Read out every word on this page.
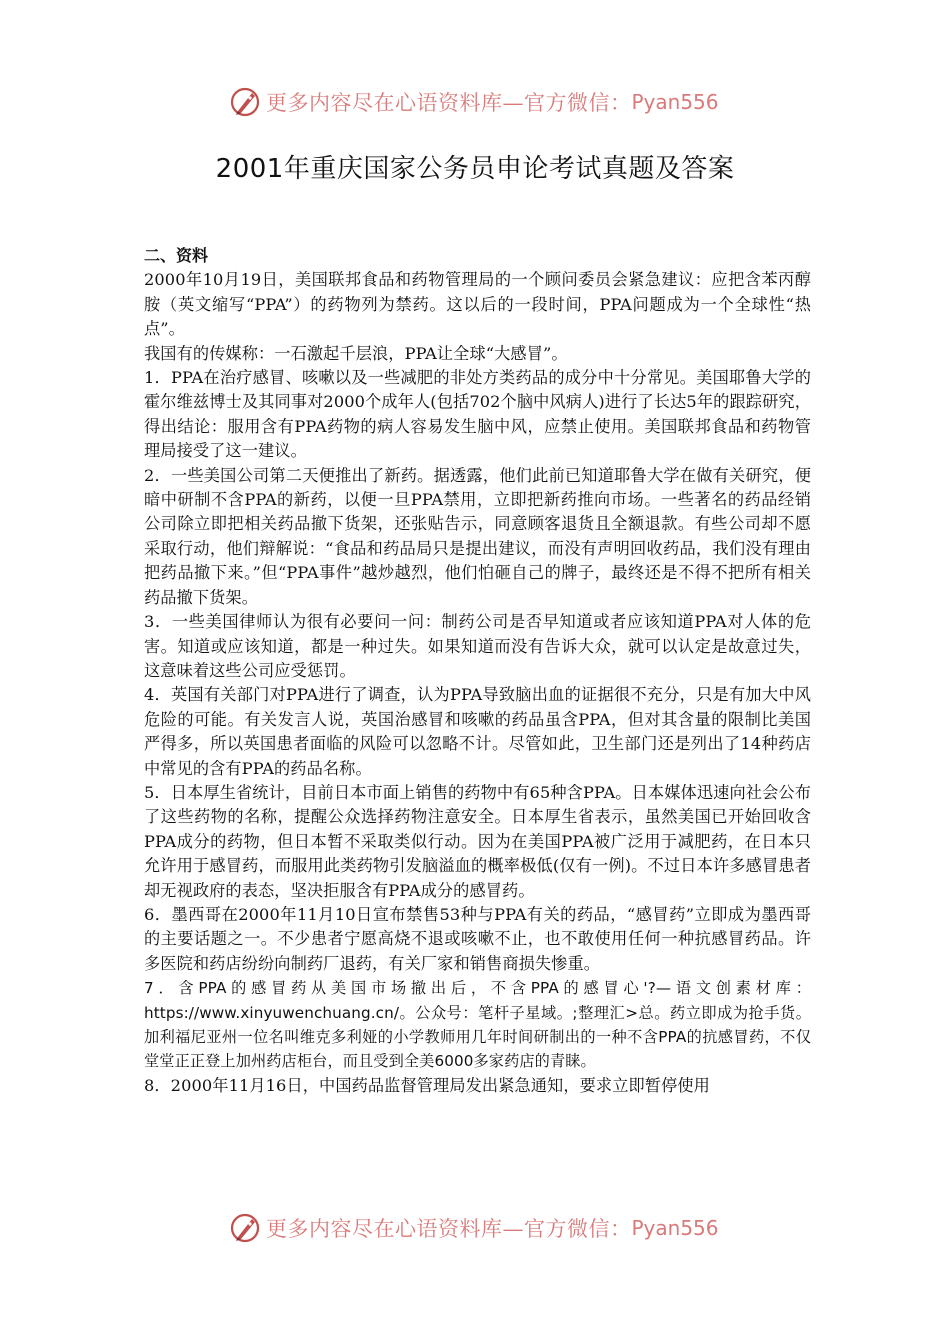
更多内容尽在心语资料库—官方微信： Pyan556
2001年重庆国家公务员申论考试真题及答案

二、资料

2000年10月19日，美国联邦食品和药物管理局的一个顾问委员会紧急建议：应把含苯丙醇胺（英文缩写“PPA”）的药物列为禁药。这以后的一段时间，PPA问题成为一个全球性“热点”。

我国有的传媒称：一石激起千层浪，PPA让全球“大感冒”。

1．PPA在治疗感冒、咳嗽以及一些减肥的非处方类药品的成分中十分常见。美国耶鲁大学的霍尔维兹博士及其同事对2000个成年人(包括702个脑中风病人)进行了长达5年的跟踪研究，得出结论：服用含有PPA药物的病人容易发生脑中风，应禁止使用。美国联邦食品和药物管理局接受了这一建议。

2．一些美国公司第二天便推出了新药。据透露，他们此前已知道耶鲁大学在做有关研究，便暗中研制不含PPA的新药，以便一旦PPA禁用，立即把新药推向市场。一些著名的药品经销公司除立即把相关药品撤下货架，还张贴告示，同意顾客退货且全额退款。有些公司却不愿采取行动，他们辩解说：“食品和药品局只是提出建议，而没有声明回收药品，我们没有理由把药品撤下来。”但“PPA事件”越炒越烈，他们怕砸自己的牌子，最终还是不得不把所有相关药品撤下货架。

3．一些美国律师认为很有必要问一问：制药公司是否早知道或者应该知道PPA对人体的危害。知道或应该知道，都是一种过失。如果知道而没有告诉大众，就可以认定是故意过失，这意味着这些公司应受惩罚。

4．英国有关部门对PPA进行了调查，认为PPA导致脑出血的证据很不充分，只是有加大中风危险的可能。有关发言人说，英国治感冒和咳嗽的药品虽含PPA，但对其含量的限制比美国严得多，所以英国患者面临的风险可以忽略不计。尽管如此，卫生部门还是列出了14种药店中常见的含有PPA的药品名称。

5．日本厚生省统计，目前日本市面上销售的药物中有65种含PPA。日本媒体迅速向社会公布了这些药物的名称，提醒公众选择药物注意安全。日本厚生省表示，虽然美国已开始回收含PPA成分的药物，但日本暂不采取类似行动。因为在美国PPA被广泛用于减肥药，在日本只允许用于感冒药，而服用此类药物引发脑溢血的概率极低(仅有一例)。不过日本许多感冒患者却无视政府的表态，坚决拒服含有PPA成分的感冒药。

6．墨西哥在2000年11月10日宣布禁售53种与PPA有关的药品，“感冒药”立即成为墨西哥的主要话题之一。不少患者宁愿高烧不退或咳嗽不止，也不敢使用任何一种抗感冒药品。许多医院和药店纷纷向制药厂退药，有关厂家和销售商损失惨重。

7．含PPA的感冒药从美国市场撤出后，不含PPA的感冒心'?—语文创素材库：https://www.xinyuwenchuang.cn/。公众号：笔杆子星域。;整理汇>总。药立即成为抢手货。加利福尼亚州一位名叫维克多利娅的小学教师用几年时间研制出的一种不含PPA的抗感冒药，不仅堂堂正正登上加州药店柜台，而且受到全美6000多家药店的青睐。

8．2000年11月16日，中国药品监督管理局发出紧急通知，要求立即暂停使用

更多内容尽在心语资料库—官方微信： Pyan556
